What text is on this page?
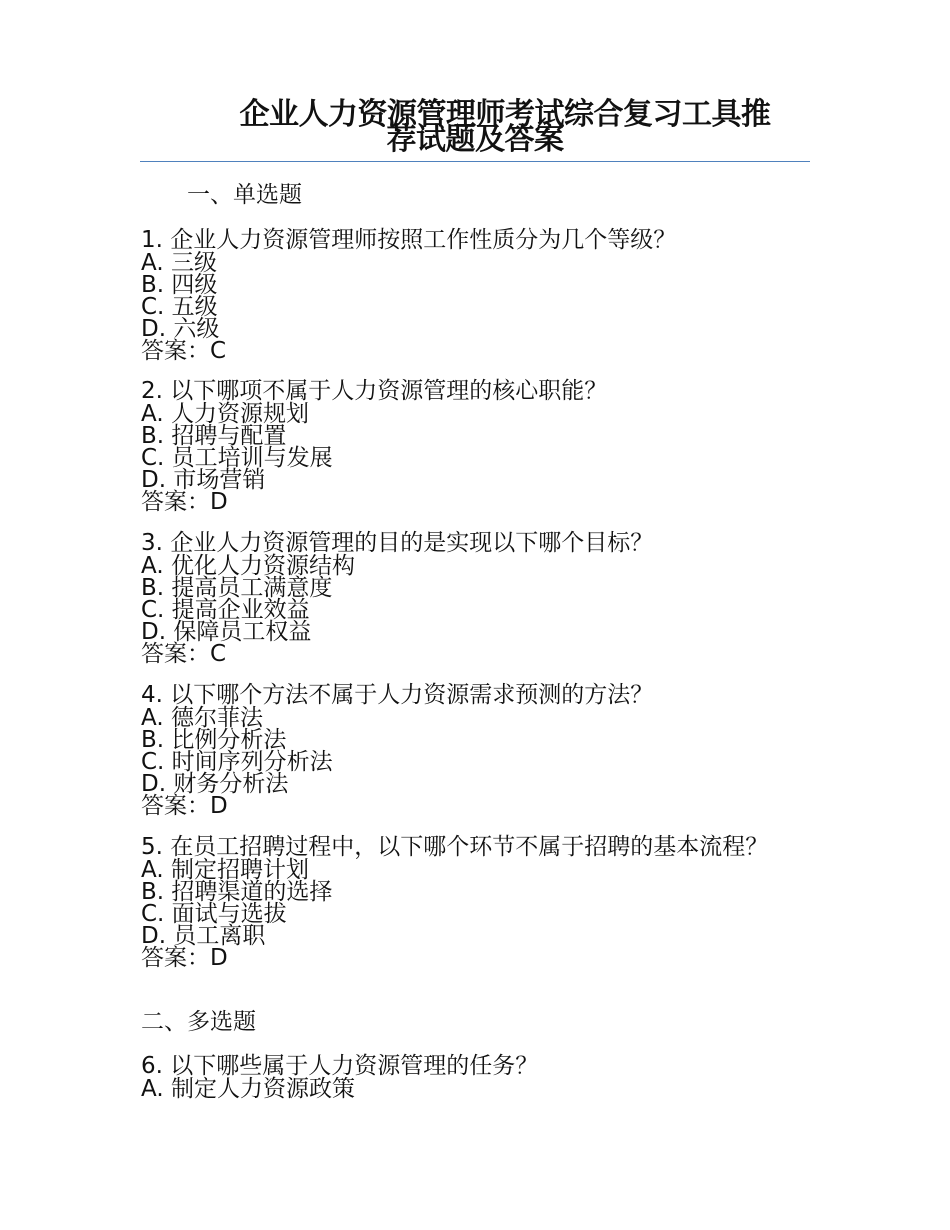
企业人力资源管理师考试综合复习工具推
荐试题及答案
一、单选题

1. 企业人力资源管理师按照工作性质分为几个等级？

A. 三级

B. 四级

C. 五级

D. 六级

答案：C

2. 以下哪项不属于人力资源管理的核心职能？

A. 人力资源规划

B. 招聘与配置

C. 员工培训与发展

D. 市场营销

答案：D

3. 企业人力资源管理的目的是实现以下哪个目标？

A. 优化人力资源结构

B. 提高员工满意度

C. 提高企业效益

D. 保障员工权益

答案：C

4. 以下哪个方法不属于人力资源需求预测的方法？

A. 德尔菲法

B. 比例分析法

C. 时间序列分析法

D. 财务分析法

答案：D

5. 在员工招聘过程中，以下哪个环节不属于招聘的基本流程？

A. 制定招聘计划

B. 招聘渠道的选择

C. 面试与选拔

D. 员工离职

答案：D

二、多选题

6. 以下哪些属于人力资源管理的任务？

A. 制定人力资源政策
